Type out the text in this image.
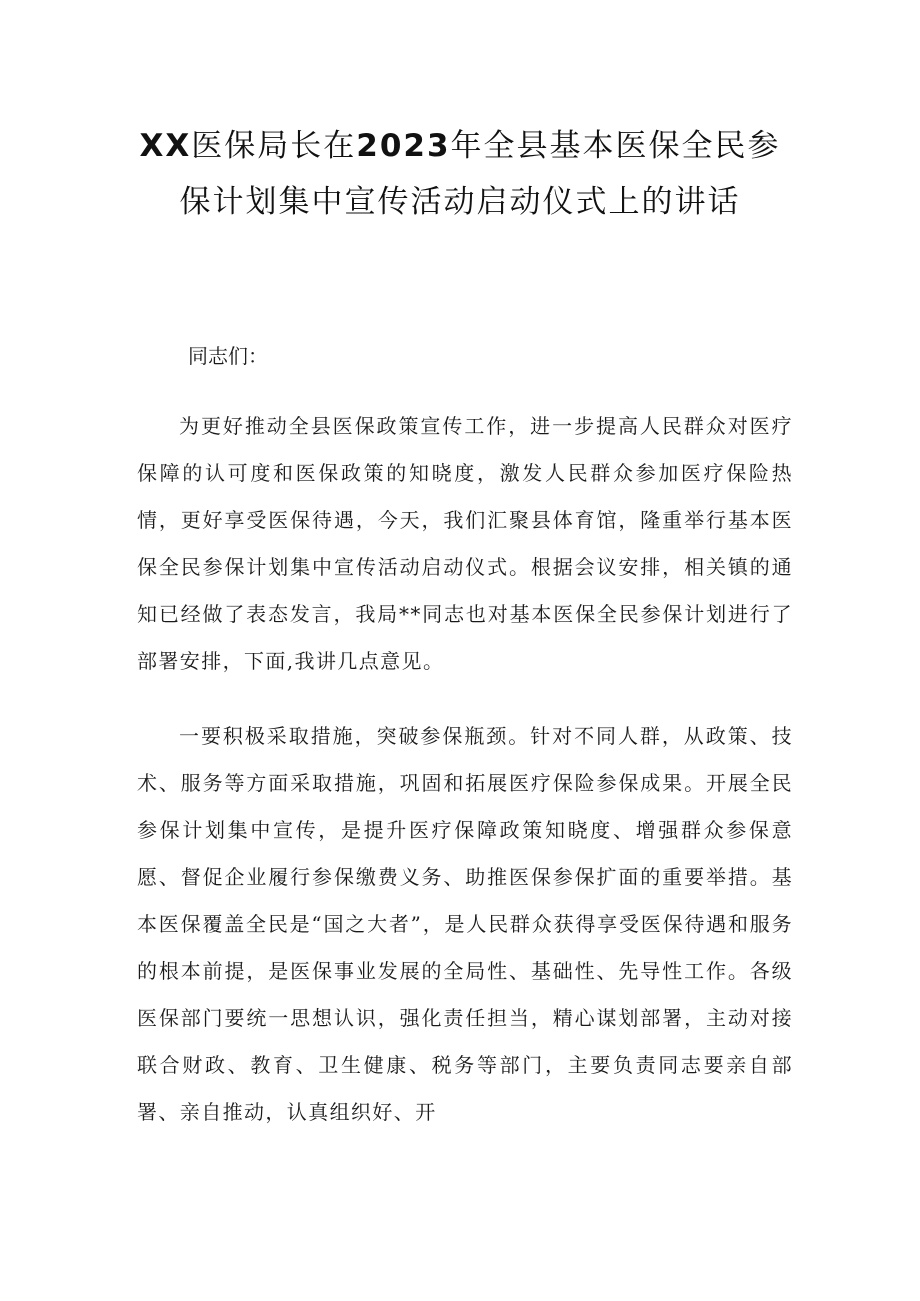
XX医保局长在2023年全县基本医保全民参
保计划集中宣传活动启动仪式上的讲话

同志们：

为更好推动全县医保政策宣传工作，进一步提高人民群众对医疗保障的认可度和医保政策的知晓度，激发人民群众参加医疗保险热情，更好享受医保待遇，今天，我们汇聚县体育馆，隆重举行基本医保全民参保计划集中宣传活动启动仪式。根据会议安排，相关镇的通知已经做了表态发言，我局**同志也对基本医保全民参保计划进行了部署安排，下面,我讲几点意见。

一要积极采取措施，突破参保瓶颈。针对不同人群，从政策、技术、服务等方面采取措施，巩固和拓展医疗保险参保成果。开展全民参保计划集中宣传，是提升医疗保障政策知晓度、增强群众参保意愿、督促企业履行参保缴费义务、助推医保参保扩面的重要举措。基本医保覆盖全民是“国之大者”，是人民群众获得享受医保待遇和服务的根本前提，是医保事业发展的全局性、基础性、先导性工作。各级医保部门要统一思想认识，强化责任担当，精心谋划部署，主动对接联合财政、教育、卫生健康、税务等部门，主要负责同志要亲自部署、亲自推动，认真组织好、开
